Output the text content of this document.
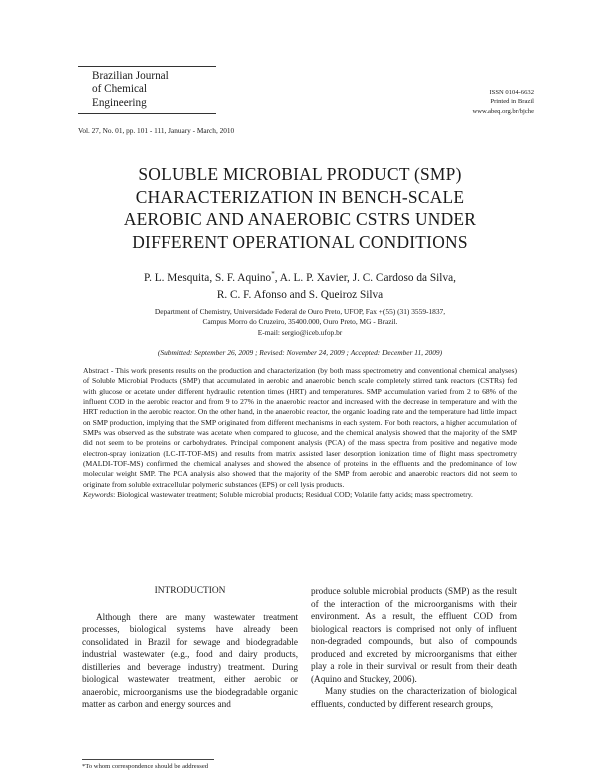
Brazilian Journal
of Chemical
Engineering
ISSN 0104-6632
Printed in Brazil
www.abeq.org.br/bjche
Vol. 27, No. 01, pp. 101 - 111, January - March, 2010
SOLUBLE MICROBIAL PRODUCT (SMP)
CHARACTERIZATION IN BENCH-SCALE
AEROBIC AND ANAEROBIC CSTRS UNDER
DIFFERENT OPERATIONAL CONDITIONS
P. L. Mesquita, S. F. Aquino*, A. L. P. Xavier, J. C. Cardoso da Silva,
R. C. F. Afonso and S. Queiroz Silva
Department of Chemistry, Universidade Federal de Ouro Preto, UFOP, Fax +(55) (31) 3559-1837,
Campus Morro do Cruzeiro, 35400.000, Ouro Preto, MG - Brazil.
E-mail: sergio@iceb.ufop.br
(Submitted: September 26, 2009 ; Revised: November 24, 2009 ; Accepted: December 11, 2009)
Abstract - This work presents results on the production and characterization (by both mass spectrometry and conventional chemical analyses) of Soluble Microbial Products (SMP) that accumulated in aerobic and anaerobic bench scale completely stirred tank reactors (CSTRs) fed with glucose or acetate under different hydraulic retention times (HRT) and temperatures. SMP accumulation varied from 2 to 68% of the influent COD in the aerobic reactor and from 9 to 27% in the anaerobic reactor and increased with the decrease in temperature and with the HRT reduction in the aerobic reactor. On the other hand, in the anaerobic reactor, the organic loading rate and the temperature had little impact on SMP production, implying that the SMP originated from different mechanisms in each system. For both reactors, a higher accumulation of SMPs was observed as the substrate was acetate when compared to glucose, and the chemical analysis showed that the majority of the SMP did not seem to be proteins or carbohydrates. Principal component analysis (PCA) of the mass spectra from positive and negative mode electron-spray ionization (LC-IT-TOF-MS) and results from matrix assisted laser desorption ionization time of flight mass spectrometry (MALDI-TOF-MS) confirmed the chemical analyses and showed the absence of proteins in the effluents and the predominance of low molecular weight SMP. The PCA analysis also showed that the majority of the SMP from aerobic and anaerobic reactors did not seem to originate from soluble extracellular polymeric substances (EPS) or cell lysis products.
Keywords: Biological wastewater treatment; Soluble microbial products; Residual COD; Volatile fatty acids; mass spectrometry.
INTRODUCTION

Although there are many wastewater treatment processes, biological systems have already been consolidated in Brazil for sewage and biodegradable industrial wastewater (e.g., food and dairy products, distilleries and beverage industry) treatment. During biological wastewater treatment, either aerobic or anaerobic, microorganisms use the biodegradable organic matter as carbon and energy sources and

produce soluble microbial products (SMP) as the result of the interaction of the microorganisms with their environment. As a result, the effluent COD from biological reactors is comprised not only of influent non-degraded compounds, but also of compounds produced and excreted by microorganisms that either play a role in their survival or result from their death (Aquino and Stuckey, 2006).

Many studies on the characterization of biological effluents, conducted by different research groups,

*To whom correspondence should be addressed
